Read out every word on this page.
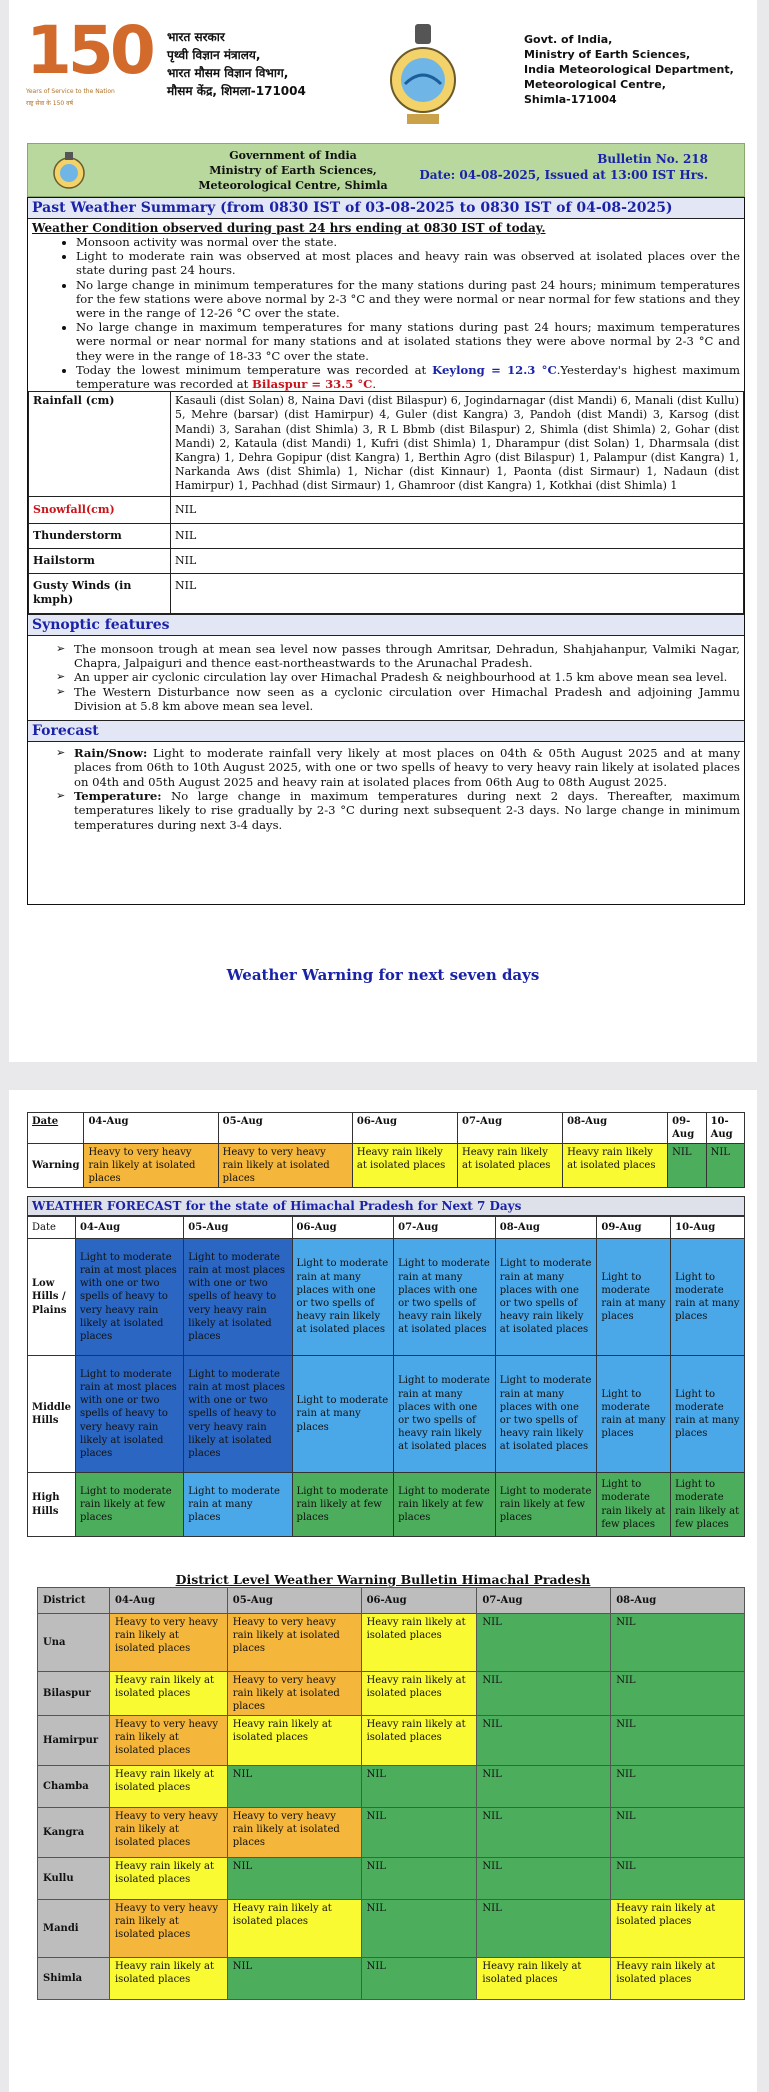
150
Years of Service to the Nation
राष्ट्र सेवा के 150 वर्ष
भारत सरकार
पृथ्वी विज्ञान मंत्रालय,
भारत मौसम विज्ञान विभाग,
मौसम केंद्र, शिमला-171004
Govt. of India,
Ministry of Earth Sciences,
India Meteorological Department,
Meteorological Centre,
Shimla-171004
Government of India
Ministry of Earth Sciences,
Meteorological Centre, Shimla
Bulletin No. 218
Date: 04-08-2025, Issued at 13:00 IST Hrs.
Past Weather Summary (from 0830 IST of 03-08-2025 to 0830 IST of 04-08-2025)
Weather Condition observed during past 24 hrs ending at 0830 IST of today.
• Monsoon activity was normal over the state.
• Light to moderate rain was observed at most places and heavy rain was observed at isolated places over the state during past 24 hours.
• No large change in minimum temperatures for the many stations during past 24 hours; minimum temperatures for the few stations were above normal by 2-3 °C and they were normal or near normal for few stations and they were in the range of 12-26 °C over the state.
• No large change in maximum temperatures for many stations during past 24 hours; maximum temperatures were normal or near normal for many stations and at isolated stations they were above normal by 2-3 °C and they were in the range of 18-33 °C over the state.
• Today the lowest minimum temperature was recorded at Keylong = 12.3 °C.Yesterday's highest maximum temperature was recorded at Bilaspur = 33.5 °C.
Rainfall (cm)	Kasauli (dist Solan) 8, Naina Davi (dist Bilaspur) 6, Jogindarnagar (dist Mandi) 6, Manali (dist Kullu) 5, Mehre (barsar) (dist Hamirpur) 4, Guler (dist Kangra) 3, Pandoh (dist Mandi) 3, Karsog (dist Mandi) 3, Sarahan (dist Shimla) 3, R L Bbmb (dist Bilaspur) 2, Shimla (dist Shimla) 2, Gohar (dist Mandi) 2, Kataula (dist Mandi) 1, Kufri (dist Shimla) 1, Dharampur (dist Solan) 1, Dharmsala (dist Kangra) 1, Dehra Gopipur (dist Kangra) 1, Berthin Agro (dist Bilaspur) 1, Palampur (dist Kangra) 1, Narkanda Aws (dist Shimla) 1, Nichar (dist Kinnaur) 1, Paonta (dist Sirmaur) 1, Nadaun (dist Hamirpur) 1, Pachhad (dist Sirmaur) 1, Ghamroor (dist Kangra) 1, Kotkhai (dist Shimla) 1
Snowfall(cm)	NIL
Thunderstorm	NIL
Hailstorm	NIL
Gusty Winds (in kmph)	NIL
Synoptic features
➢ The monsoon trough at mean sea level now passes through Amritsar, Dehradun, Shahjahanpur, Valmiki Nagar, Chapra, Jalpaiguri and thence east-northeastwards to the Arunachal Pradesh.
➢ An upper air cyclonic circulation lay over Himachal Pradesh & neighbourhood at 1.5 km above mean sea level.
➢ The Western Disturbance now seen as a cyclonic circulation over Himachal Pradesh and adjoining Jammu Division at 5.8 km above mean sea level.
Forecast
➢ Rain/Snow: Light to moderate rainfall very likely at most places on 04th & 05th August 2025 and at many places from 06th to 10th August 2025, with one or two spells of heavy to very heavy rain likely at isolated places on 04th and 05th August 2025 and heavy rain at isolated places from 06th Aug to 08th August 2025.
➢ Temperature: No large change in maximum temperatures during next 2 days. Thereafter, maximum temperatures likely to rise gradually by 2-3 °C during next subsequent 2-3 days. No large change in minimum temperatures during next 3-4 days.
Weather Warning for next seven days
Date	04-Aug	05-Aug	06-Aug	07-Aug	08-Aug	09-Aug	10-Aug
Warning	Heavy to very heavy rain likely at isolated places	Heavy to very heavy rain likely at isolated places	Heavy rain likely at isolated places	Heavy rain likely at isolated places	Heavy rain likely at isolated places	NIL	NIL
WEATHER FORECAST for the state of Himachal Pradesh for Next 7 Days
Date	04-Aug	05-Aug	06-Aug	07-Aug	08-Aug	09-Aug	10-Aug
Low Hills / Plains	Light to moderate rain at most places with one or two spells of heavy to very heavy rain likely at isolated places	Light to moderate rain at most places with one or two spells of heavy to very heavy rain likely at isolated places	Light to moderate rain at many places with one or two spells of heavy rain likely at isolated places	Light to moderate rain at many places with one or two spells of heavy rain likely at isolated places	Light to moderate rain at many places with one or two spells of heavy rain likely at isolated places	Light to moderate rain at many places	Light to moderate rain at many places
Middle Hills	Light to moderate rain at most places with one or two spells of heavy to very heavy rain likely at isolated places	Light to moderate rain at most places with one or two spells of heavy to very heavy rain likely at isolated places	Light to moderate rain at many places	Light to moderate rain at many places with one or two spells of heavy rain likely at isolated places	Light to moderate rain at many places with one or two spells of heavy rain likely at isolated places	Light to moderate rain at many places	Light to moderate rain at many places
High Hills	Light to moderate rain likely at few places	Light to moderate rain at many places	Light to moderate rain likely at few places	Light to moderate rain likely at few places	Light to moderate rain likely at few places	Light to moderate rain likely at few places	Light to moderate rain likely at few places
District Level Weather Warning Bulletin Himachal Pradesh
District	04-Aug	05-Aug	06-Aug	07-Aug	08-Aug
Una	Heavy to very heavy rain likely at isolated places	Heavy to very heavy rain likely at isolated places	Heavy rain likely at isolated places	NIL	NIL
Bilaspur	Heavy rain likely at isolated places	Heavy to very heavy rain likely at isolated places	Heavy rain likely at isolated places	NIL	NIL
Hamirpur	Heavy to very heavy rain likely at isolated places	Heavy rain likely at isolated places	Heavy rain likely at isolated places	NIL	NIL
Chamba	Heavy rain likely at isolated places	NIL	NIL	NIL	NIL
Kangra	Heavy to very heavy rain likely at isolated places	Heavy to very heavy rain likely at isolated places	NIL	NIL	NIL
Kullu	Heavy rain likely at isolated places	NIL	NIL	NIL	NIL
Mandi	Heavy to very heavy rain likely at isolated places	Heavy rain likely at isolated places	NIL	NIL	Heavy rain likely at isolated places
Shimla	Heavy rain likely at isolated places	NIL	NIL	Heavy rain likely at isolated places	Heavy rain likely at isolated places
